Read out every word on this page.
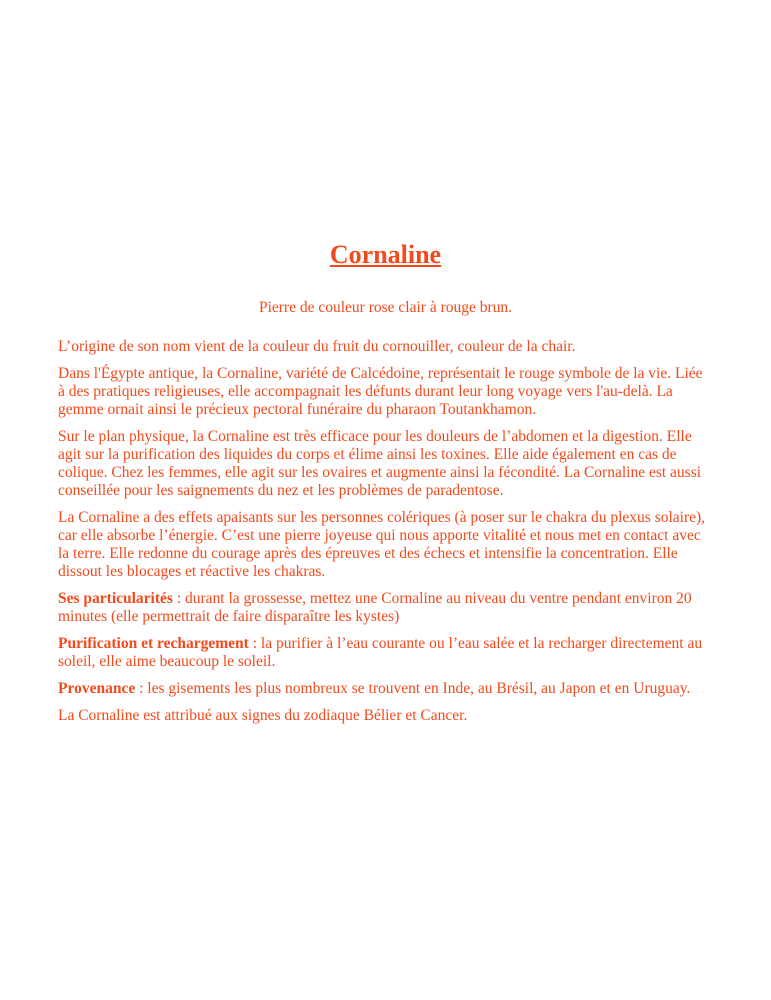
Cornaline

Pierre de couleur rose clair à rouge brun.

L’origine de son nom vient de la couleur du fruit du cornouiller, couleur de la chair.

Dans l'Égypte antique, la Cornaline, variété de Calcédoine, représentait le rouge symbole de la vie. Liée à des pratiques religieuses, elle accompagnait les défunts durant leur long voyage vers l'au-delà. La gemme ornait ainsi le précieux pectoral funéraire du pharaon Toutankhamon.

Sur le plan physique, la Cornaline est très efficace pour les douleurs de l’abdomen et la digestion. Elle agit sur la purification des liquides du corps et élime ainsi les toxines. Elle aide également en cas de colique. Chez les femmes, elle agit sur les ovaires et augmente ainsi la fécondité. La Cornaline est aussi conseillée pour les saignements du nez et les problèmes de paradentose.

La Cornaline a des effets apaisants sur les personnes colériques (à poser sur le chakra du plexus solaire), car elle absorbe l’énergie. C’est une pierre joyeuse qui nous apporte vitalité et nous met en contact avec la terre. Elle redonne du courage après des épreuves et des échecs et intensifie la concentration. Elle dissout les blocages et réactive les chakras.

Ses particularités : durant la grossesse, mettez une Cornaline au niveau du ventre pendant environ 20 minutes (elle permettrait de faire disparaître les kystes)

Purification et rechargement : la purifier à l’eau courante ou l’eau salée et la recharger directement au soleil, elle aime beaucoup le soleil.

Provenance : les gisements les plus nombreux se trouvent en Inde, au Brésil, au Japon et en Uruguay.

La Cornaline est attribué aux signes du zodiaque Bélier et Cancer.
